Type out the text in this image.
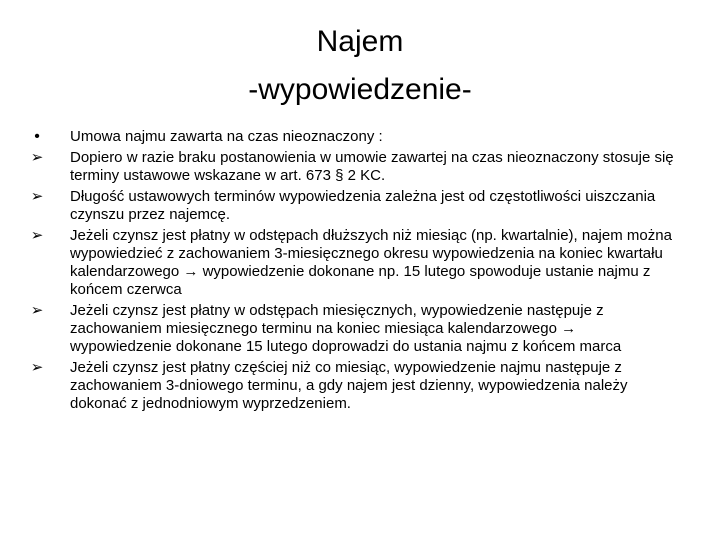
Najem
-wypowiedzenie-
• Umowa najmu zawarta na czas nieoznaczony :
➢ Dopiero w razie braku postanowienia w umowie zawartej na czas nieoznaczony stosuje się terminy ustawowe wskazane w art. 673 § 2 KC.
➢ Długość ustawowych terminów wypowiedzenia zależna jest od częstotliwości uiszczania czynszu przez najemcę.
➢ Jeżeli czynsz jest płatny w odstępach dłuższych niż miesiąc (np. kwartalnie), najem można wypowiedzieć z zachowaniem 3-miesięcznego okresu wypowiedzenia na koniec kwartału kalendarzowego → wypowiedzenie dokonane np. 15 lutego spowoduje ustanie najmu z końcem czerwca
➢ Jeżeli czynsz jest płatny w odstępach miesięcznych, wypowiedzenie następuje z zachowaniem miesięcznego terminu na koniec miesiąca kalendarzowego → wypowiedzenie dokonane 15 lutego doprowadzi do ustania najmu z końcem marca
➢ Jeżeli czynsz jest płatny częściej niż co miesiąc, wypowiedzenie najmu następuje z zachowaniem 3-dniowego terminu, a gdy najem jest dzienny, wypowiedzenia należy dokonać z jednodniowym wyprzedzeniem.
